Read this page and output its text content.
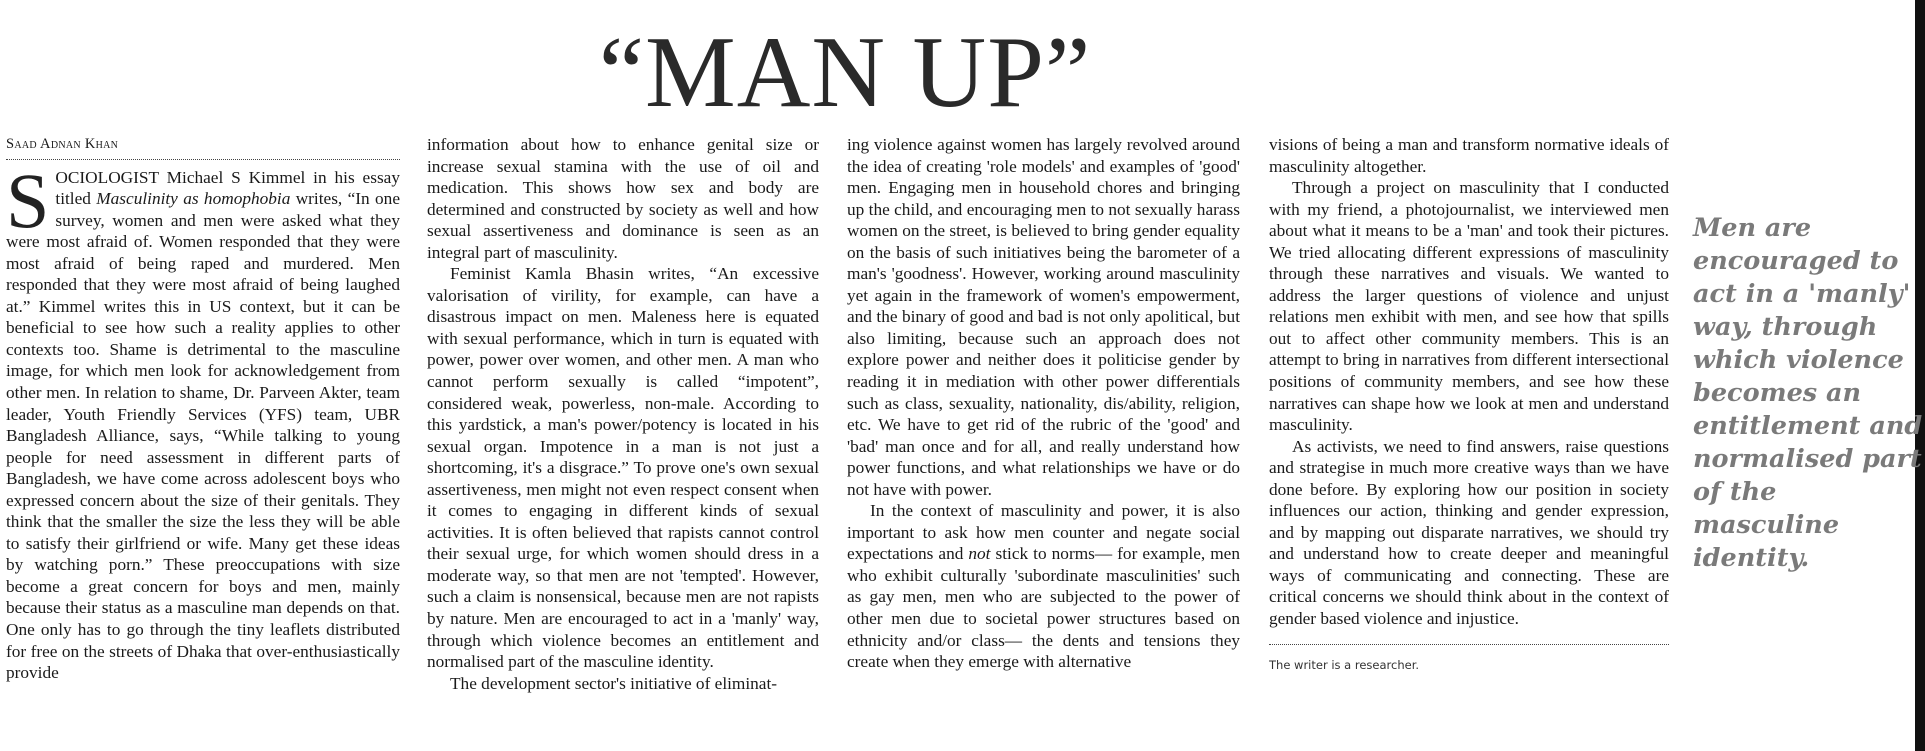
“MAN UP”
Saad Adnan Khan

SOCIOLOGIST Michael S Kimmel in his essay titled Masculinity as homophobia writes, “In one survey, women and men were asked what they were most afraid of. Women responded that they were most afraid of being raped and murdered. Men responded that they were most afraid of being laughed at.” Kimmel writes this in US context, but it can be beneficial to see how such a reality applies to other contexts too. Shame is detrimental to the masculine image, for which men look for acknowledgement from other men. In relation to shame, Dr. Parveen Akter, team leader, Youth Friendly Services (YFS) team, UBR Bangladesh Alliance, says, “While talking to young people for need assessment in different parts of Bangladesh, we have come across adolescent boys who expressed concern about the size of their genitals. They think that the smaller the size the less they will be able to satisfy their girlfriend or wife. Many get these ideas by watching porn.” These preoccupations with size become a great concern for boys and men, mainly because their status as a masculine man depends on that. One only has to go through the tiny leaflets distributed for free on the streets of Dhaka that over-enthusiastically provide

information about how to enhance genital size or increase sexual stamina with the use of oil and medication. This shows how sex and body are determined and constructed by society as well and how sexual assertiveness and dominance is seen as an integral part of masculinity.

Feminist Kamla Bhasin writes, “An excessive valorisation of virility, for example, can have a disastrous impact on men. Maleness here is equated with sexual performance, which in turn is equated with power, power over women, and other men. A man who cannot perform sexually is called “impotent”, considered weak, powerless, non-male. According to this yardstick, a man's power/potency is located in his sexual organ. Impotence in a man is not just a shortcoming, it's a disgrace.” To prove one's own sexual assertiveness, men might not even respect consent when it comes to engaging in different kinds of sexual activities. It is often believed that rapists cannot control their sexual urge, for which women should dress in a moderate way, so that men are not 'tempted'. However, such a claim is nonsensical, because men are not rapists by nature. Men are encouraged to act in a 'manly' way, through which violence becomes an entitlement and normalised part of the masculine identity.

The development sector's initiative of eliminat-

ing violence against women has largely revolved around the idea of creating 'role models' and examples of 'good' men. Engaging men in household chores and bringing up the child, and encouraging men to not sexually harass women on the street, is believed to bring gender equality on the basis of such initiatives being the barometer of a man's 'goodness'. However, working around masculinity yet again in the framework of women's empowerment, and the binary of good and bad is not only apolitical, but also limiting, because such an approach does not explore power and neither does it politicise gender by reading it in mediation with other power differentials such as class, sexuality, nationality, dis/ability, religion, etc. We have to get rid of the rubric of the 'good' and 'bad' man once and for all, and really understand how power functions, and what relationships we have or do not have with power.

In the context of masculinity and power, it is also important to ask how men counter and negate social expectations and not stick to norms— for example, men who exhibit culturally 'subordinate masculinities' such as gay men, men who are subjected to the power of other men due to societal power structures based on ethnicity and/or class— the dents and tensions they create when they emerge with alternative

visions of being a man and transform normative ideals of masculinity altogether.

Through a project on masculinity that I conducted with my friend, a photojournalist, we interviewed men about what it means to be a 'man' and took their pictures. We tried allocating different expressions of masculinity through these narratives and visuals. We wanted to address the larger questions of violence and unjust relations men exhibit with men, and see how that spills out to affect other community members. This is an attempt to bring in narratives from different intersectional positions of community members, and see how these narratives can shape how we look at men and understand masculinity.

As activists, we need to find answers, raise questions and strategise in much more creative ways than we have done before. By exploring how our position in society influences our action, thinking and gender expression, and by mapping out disparate narratives, we should try and understand how to create deeper and meaningful ways of communicating and connecting. These are critical concerns we should think about in the context of gender based violence and injustice.

The writer is a researcher.

Men are encouraged to act in a 'manly' way, through which violence becomes an entitlement and normalised part of the masculine identity.
